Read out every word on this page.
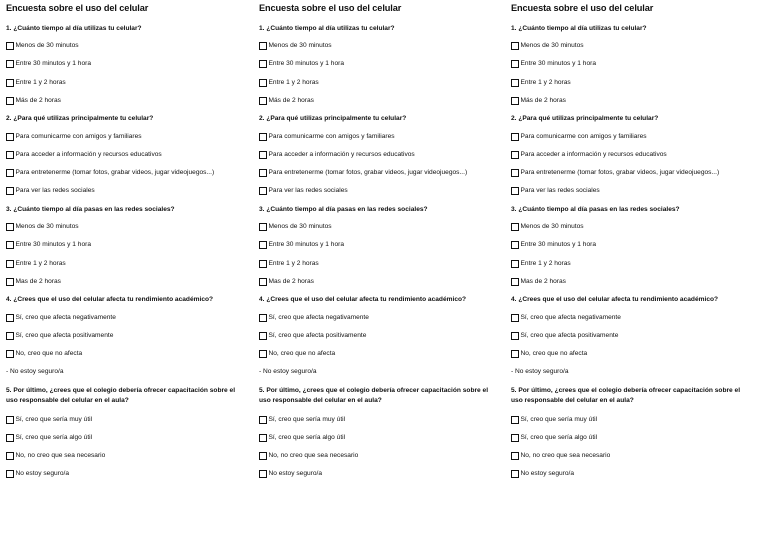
Encuesta sobre el uso del celular
1. ¿Cuánto tiempo al día utilizas tu celular?
Menos de 30 minutos
Entre 30 minutos y 1 hora
Entre 1 y 2 horas
Más de 2 horas
2. ¿Para qué utilizas principalmente tu celular?
Para comunicarme con amigos y familiares
Para acceder a información y recursos educativos
Para entretenerme (tomar fotos, grabar videos, jugar videojuegos...)
Para ver las redes sociales
3. ¿Cuánto tiempo al día pasas en las redes sociales?
Menos de 30 minutos
Entre 30 minutos y 1 hora
Entre 1 y 2 horas
Mas de 2 horas
4. ¿Crees que el uso del celular afecta tu rendimiento académico?
Sí, creo que afecta negativamente
Sí, creo que afecta positivamente
No, creo que no afecta
- No estoy seguro/a
5. Por último, ¿crees que el colegio debería ofrecer capacitación sobre el uso responsable del celular en el aula?
Sí, creo que sería muy útil
Sí, creo que sería algo útil
No, no creo que sea necesario
No estoy seguro/a
Encuesta sobre el uso del celular
1. ¿Cuánto tiempo al día utilizas tu celular?
Menos de 30 minutos
Entre 30 minutos y 1 hora
Entre 1 y 2 horas
Más de 2 horas
2. ¿Para qué utilizas principalmente tu celular?
Para comunicarme con amigos y familiares
Para acceder a información y recursos educativos
Para entretenerme (tomar fotos, grabar videos, jugar videojuegos...)
Para ver las redes sociales
3. ¿Cuánto tiempo al día pasas en las redes sociales?
Menos de 30 minutos
Entre 30 minutos y 1 hora
Entre 1 y 2 horas
Mas de 2 horas
4. ¿Crees que el uso del celular afecta tu rendimiento académico?
Sí, creo que afecta negativamente
Sí, creo que afecta positivamente
No, creo que no afecta
- No estoy seguro/a
5. Por último, ¿crees que el colegio debería ofrecer capacitación sobre el uso responsable del celular en el aula?
Sí, creo que sería muy útil
Sí, creo que sería algo útil
No, no creo que sea necesario
No estoy seguro/a
Encuesta sobre el uso del celular
1. ¿Cuánto tiempo al día utilizas tu celular?
Menos de 30 minutos
Entre 30 minutos y 1 hora
Entre 1 y 2 horas
Más de 2 horas
2. ¿Para qué utilizas principalmente tu celular?
Para comunicarme con amigos y familiares
Para acceder a información y recursos educativos
Para entretenerme (tomar fotos, grabar videos, jugar videojuegos...)
Para ver las redes sociales
3. ¿Cuánto tiempo al día pasas en las redes sociales?
Menos de 30 minutos
Entre 30 minutos y 1 hora
Entre 1 y 2 horas
Mas de 2 horas
4. ¿Crees que el uso del celular afecta tu rendimiento académico?
Sí, creo que afecta negativamente
Sí, creo que afecta positivamente
No, creo que no afecta
- No estoy seguro/a
5. Por último, ¿crees que el colegio debería ofrecer capacitación sobre el uso responsable del celular en el aula?
Sí, creo que sería muy útil
Sí, creo que sería algo útil
No, no creo que sea necesario
No estoy seguro/a
